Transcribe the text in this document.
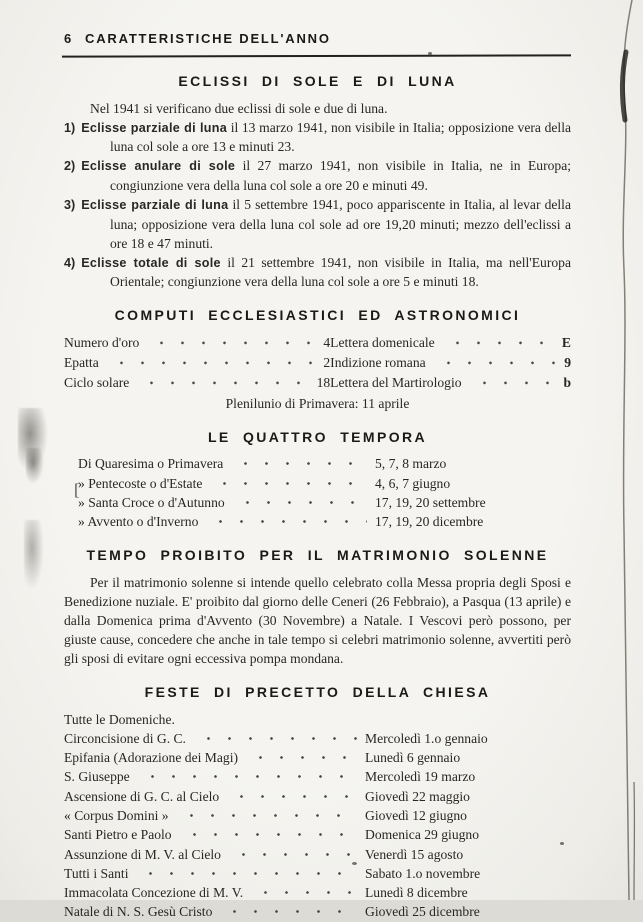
6 CARATTERISTICHE DELL'ANNO
ECLISSI DI SOLE E DI LUNA

Nel 1941 si verificano due eclissi di sole e due di luna.

1) Eclisse parziale di luna il 13 marzo 1941, non visibile in Italia; opposizione vera della luna col sole a ore 13 e minuti 23.

2) Eclisse anulare di sole il 27 marzo 1941, non visibile in Italia, ne in Europa; congiunzione vera della luna col sole a ore 20 e minuti 49.

3) Eclisse parziale di luna il 5 settembre 1941, poco appariscente in Italia, al levar della luna; opposizione vera della luna col sole ad ore 19,20 minuti; mezzo dell'eclissi a ore 18 e 47 minuti.

4) Eclisse totale di sole il 21 settembre 1941, non visibile in Italia, ma nell'Europa Orientale; congiunzione vera della luna col sole a ore 5 e minuti 18.

COMPUTI ECCLESIASTICI ED ASTRONOMICI
Numero d'oro	4 Lettera domenicale	E
Epatta	2 Indizione romana	9
Ciclo solare	18 Lettera del Martirologio	b

Plenilunio di Primavera: 11 aprile

LE QUATTRO TEMPORA
Di Quaresima o Primavera	5, 7, 8 marzo
» Pentecoste o d'Estate	4, 6, 7 giugno
» Santa Croce o d'Autunno	17, 19, 20 settembre
» Avvento o d'Inverno	17, 19, 20 dicembre
TEMPO PROIBITO PER IL MATRIMONIO SOLENNE

Per il matrimonio solenne si intende quello celebrato colla Messa propria degli Sposi e Benedizione nuziale. E' proibito dal giorno delle Ceneri (26 Febbraio), a Pasqua (13 aprile) e dalla Domenica prima d'Avvento (30 Novembre) a Natale. I Vescovi però possono, per giuste cause, concedere che anche in tale tempo si celebri matrimonio solenne, avvertiti però gli sposi di evitare ogni eccessiva pompa mondana.

FESTE DI PRECETTO DELLA CHIESA

Tutte le Domeniche.

Circoncisione di G. C.	Mercoledì 1.o gennaio
Epifania (Adorazione dei Magi)	Lunedì 6 gennaio
S. Giuseppe	Mercoledì 19 marzo
Ascensione di G. C. al Cielo	Giovedì 22 maggio
« Corpus Domini »	Giovedì 12 giugno
Santi Pietro e Paolo	Domenica 29 giugno
Assunzione di M. V. al Cielo	Venerdì 15 agosto
Tutti i Santi	Sabato 1.o novembre
Immacolata Concezione di M. V.	Lunedì 8 dicembre
Natale di N. S. Gesù Cristo	Giovedì 25 dicembre
[
